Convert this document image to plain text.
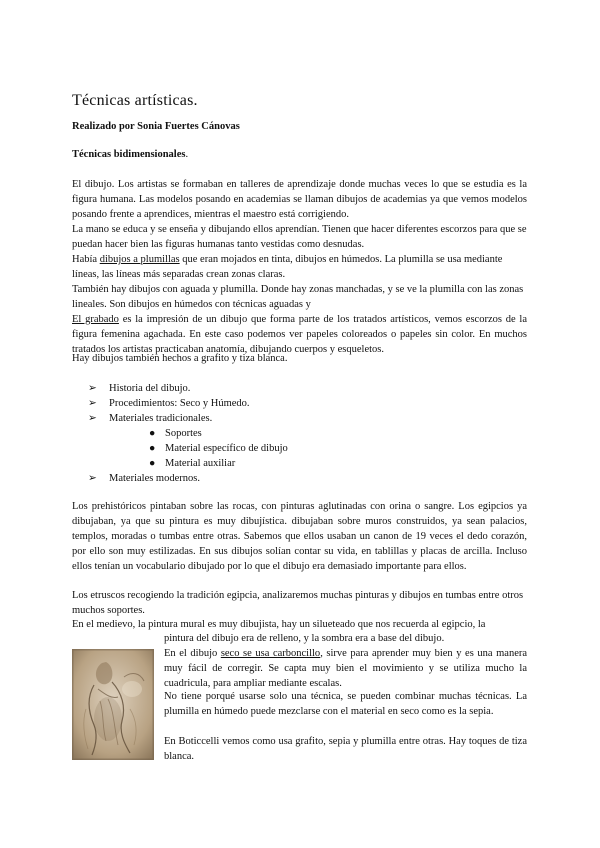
Técnicas artísticas.

Realizado por Sonia Fuertes Cánovas

Técnicas bidimensionales.

El dibujo. Los artistas se formaban en talleres de aprendizaje donde muchas veces lo que se estudia es la figura humana. Las modelos posando en academias se llaman dibujos de academias ya que vemos modelos posando frente a aprendices, mientras el maestro está corrigiendo.

La mano se educa y se enseña y dibujando ellos aprendían. Tienen que hacer diferentes escorzos para que se puedan hacer bien las figuras humanas tanto vestidas como desnudas.

Había dibujos a plumillas que eran mojados en tinta, dibujos en húmedos. La plumilla se usa mediante líneas, las líneas más separadas crean zonas claras.

También hay dibujos con aguada y plumilla. Donde hay zonas manchadas, y se ve la plumilla con las zonas lineales. Son dibujos en húmedos con técnicas aguadas y

El grabado es la impresión de un dibujo que forma parte de los tratados artísticos, vemos escorzos de la figura femenina agachada. En este caso podemos ver papeles coloreados o papeles sin color. En muchos tratados los artistas practicaban anatomía, dibujando cuerpos y esqueletos.

Hay dibujos también hechos a grafito y tiza blanca.

➢ Historia del dibujo.
➢ Procedimientos: Seco y Húmedo.
➢ Materiales tradicionales.
● Soportes
● Material específico de dibujo
● Material auxiliar
➢ Materiales modernos.

Los prehistóricos pintaban sobre las rocas, con pinturas aglutinadas con orina o sangre. Los egipcios ya dibujaban, ya que su pintura es muy dibujística. dibujaban sobre muros construidos, ya sean palacios, templos, moradas o tumbas entre otras. Sabemos que ellos usaban un canon de 19 veces el dedo corazón, por ello son muy estilizadas. En sus dibujos solían contar su vida, en tablillas y placas de arcilla. Incluso ellos tenían un vocabulario dibujado por lo que el dibujo era demasiado importante para ellos.

Los etruscos recogiendo la tradición egipcia, analizaremos muchas pinturas y dibujos en tumbas entre otros muchos soportes.

En el medievo, la pintura mural es muy dibujista, hay un silueteado que nos recuerda al egipcio, la

pintura del dibujo era de relleno, y la sombra era a base del dibujo.

En el dibujo seco se usa carboncillo, sirve para aprender muy bien y es una manera muy fácil de corregir. Se capta muy bien el movimiento y se utiliza mucho la cuadricula, para ampliar mediante escalas.

No tiene porqué usarse solo una técnica, se pueden combinar muchas técnicas. La plumilla en húmedo puede mezclarse con el material en seco como es la sepia.

En Boticcelli vemos como usa grafito, sepia y plumilla entre otras. Hay toques de tiza blanca.
